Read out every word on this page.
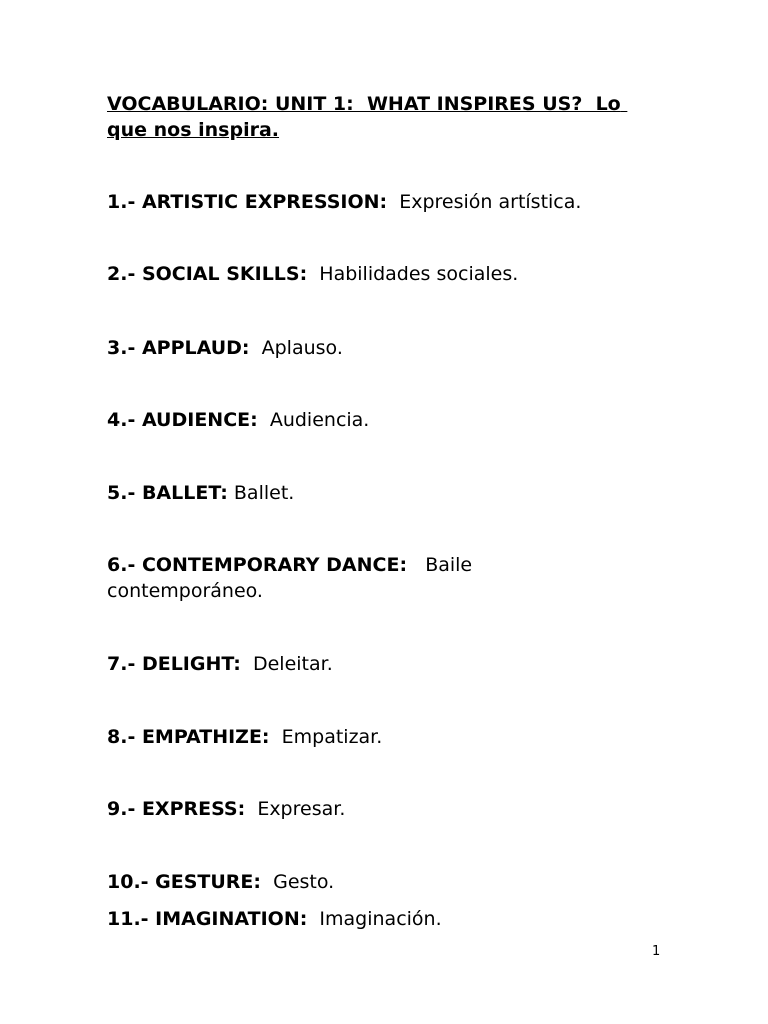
VOCABULARIO: UNIT 1:  WHAT INSPIRES US?  Lo que nos inspira.
1.- ARTISTIC EXPRESSION: Expresión artística.
2.- SOCIAL SKILLS: Habilidades sociales.
3.- APPLAUD: Aplauso.
4.- AUDIENCE: Audiencia.
5.- BALLET: Ballet.
6.- CONTEMPORARY DANCE: Baile contemporáneo.
7.- DELIGHT: Deleitar.
8.- EMPATHIZE: Empatizar.
9.- EXPRESS: Expresar.
10.- GESTURE: Gesto.
11.- IMAGINATION: Imaginación.
1
